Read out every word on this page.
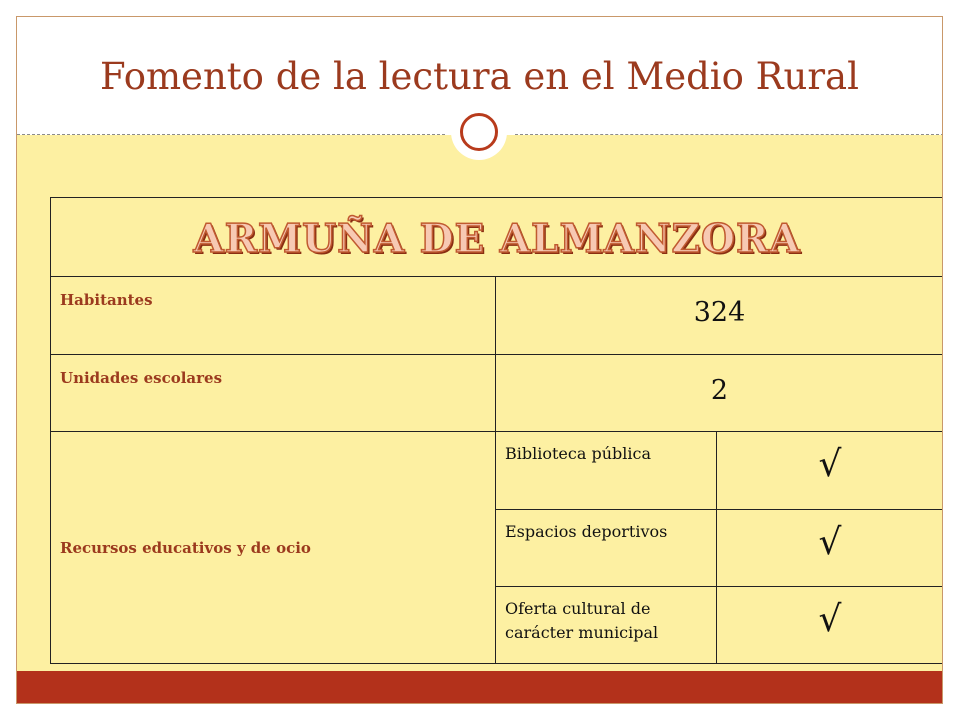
Fomento de la lectura en el Medio Rural
ARMUÑA DE ALMANZORA		

Habitantes	324	

Unidades escolares	2	

Recursos educativos y de ocio	Biblioteca pública	√

	Espacios deportivos	√

	Oferta cultural de carácter municipal	√
